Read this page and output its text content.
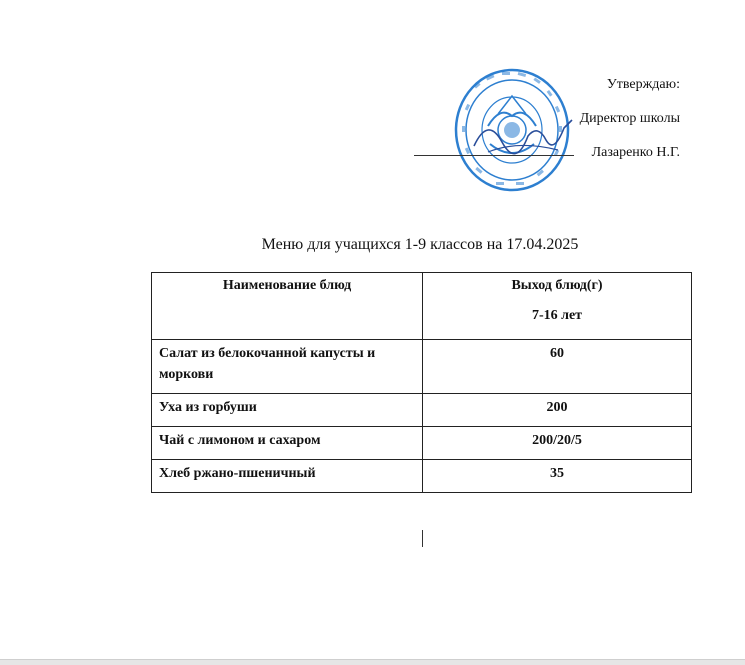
Утверждаю:
Директор школы
Лазаренко Н.Г.
Меню для учащихся 1-9 классов на 17.04.2025
Наименование блюд	Выход блюд(г)
7-16 лет

Салат из белокочанной капусты и моркови	60
Уха из горбуши	200
Чай с лимоном и сахаром	200/20/5
Хлеб ржано-пшеничный	35
